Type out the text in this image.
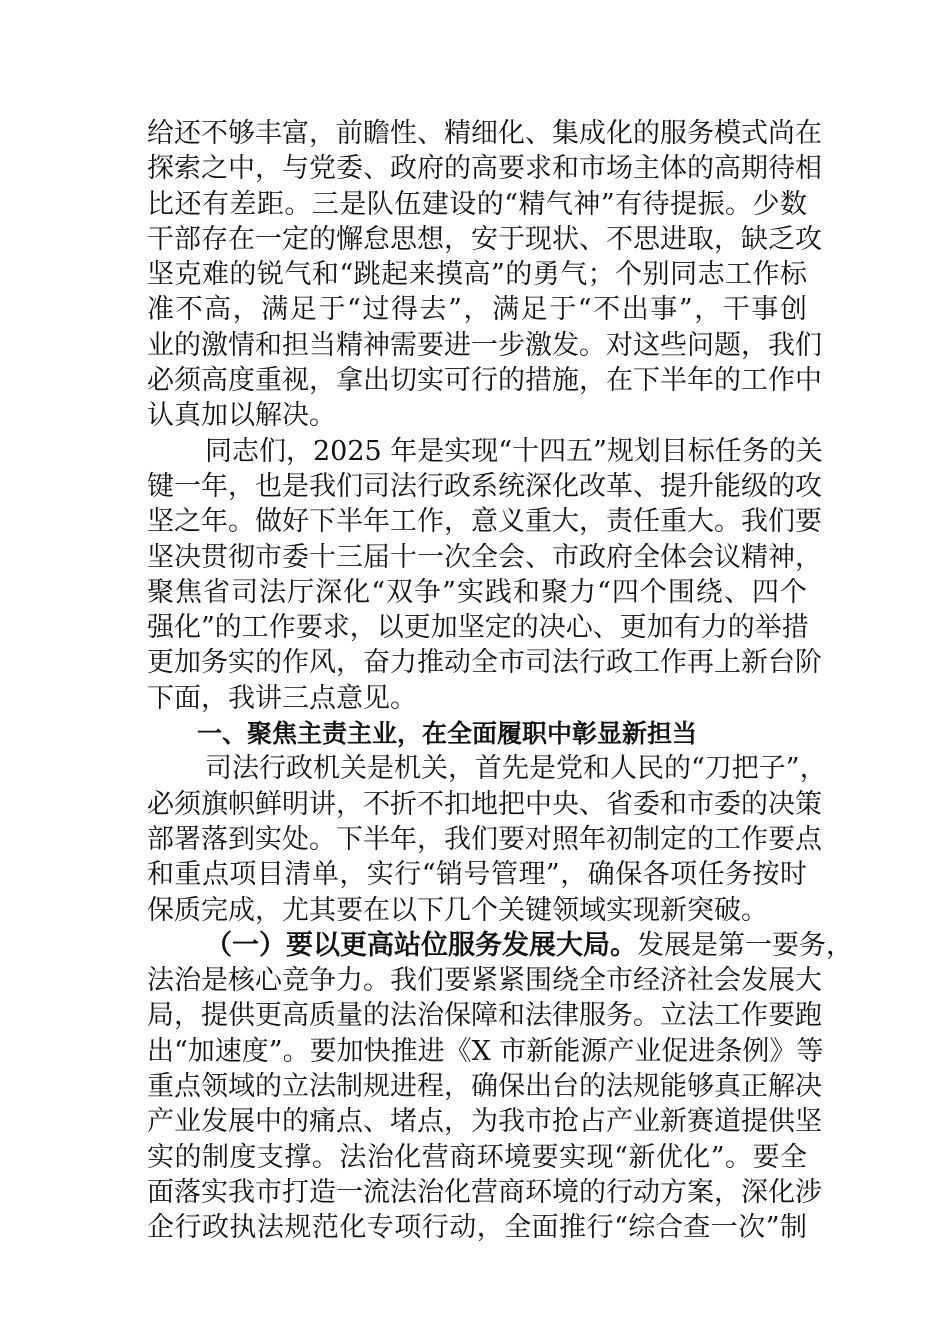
给还不够丰富，前瞻性、精细化、集成化的服务模式尚在
探索之中，与党委、政府的高要求和市场主体的高期待相
比还有差距。三是队伍建设的“精气神”有待提振。少数
干部存在一定的懈怠思想，安于现状、不思进取，缺乏攻
坚克难的锐气和“跳起来摸高”的勇气；个别同志工作标
准不高，满足于“过得去”，满足于“不出事”，干事创
业的激情和担当精神需要进一步激发。对这些问题，我们
必须高度重视，拿出切实可行的措施，在下半年的工作中
认真加以解决。
同志们，2025 年是实现“十四五”规划目标任务的关
键一年，也是我们司法行政系统深化改革、提升能级的攻
坚之年。做好下半年工作，意义重大，责任重大。我们要
坚决贯彻市委十三届十一次全会、市政府全体会议精神，
聚焦省司法厅深化“双争”实践和聚力“四个围绕、四个
强化”的工作要求，以更加坚定的决心、更加有力的举措
更加务实的作风，奋力推动全市司法行政工作再上新台阶
下面，我讲三点意见。
一、聚焦主责主业，在全面履职中彰显新担当
司法行政机关是机关，首先是党和人民的“刀把子”，
必须旗帜鲜明讲，不折不扣地把中央、省委和市委的决策
部署落到实处。下半年，我们要对照年初制定的工作要点
和重点项目清单，实行“销号管理”，确保各项任务按时
保质完成，尤其要在以下几个关键领域实现新突破。
（一）要以更高站位服务发展大局。发展是第一要务，
法治是核心竞争力。我们要紧紧围绕全市经济社会发展大
局，提供更高质量的法治保障和法律服务。立法工作要跑
出“加速度”。要加快推进《X 市新能源产业促进条例》等
重点领域的立法制规进程，确保出台的法规能够真正解决
产业发展中的痛点、堵点，为我市抢占产业新赛道提供坚
实的制度支撑。法治化营商环境要实现“新优化”。要全
面落实我市打造一流法治化营商环境的行动方案，深化涉
企行政执法规范化专项行动，全面推行“综合查一次”制
